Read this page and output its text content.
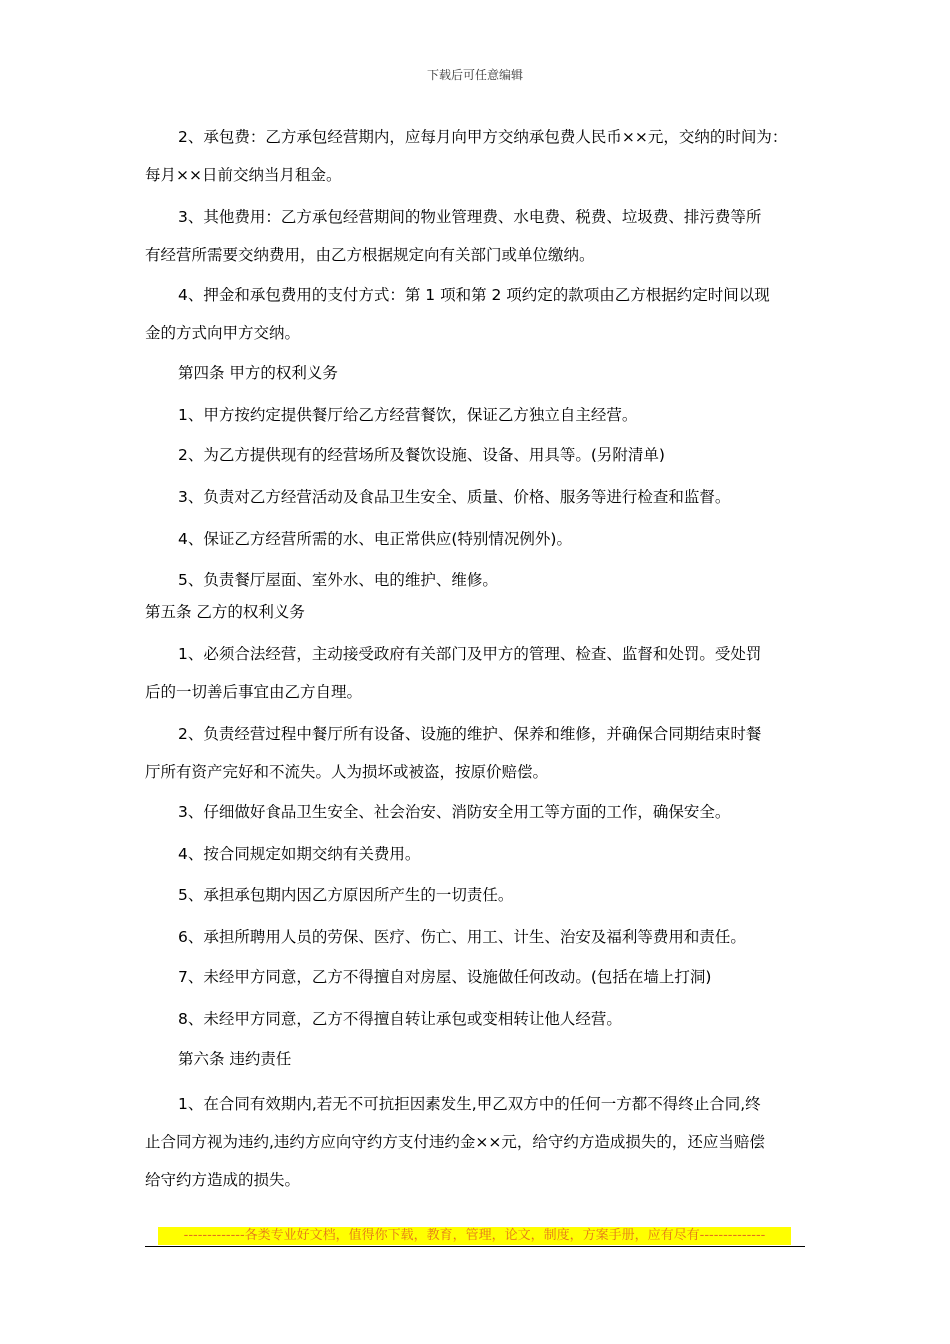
下载后可任意编辑
2、承包费：乙方承包经营期内，应每月向甲方交纳承包费人民币××元，交纳的时间为：
每月××日前交纳当月租金。
3、其他费用：乙方承包经营期间的物业管理费、水电费、税费、垃圾费、排污费等所
有经营所需要交纳费用，由乙方根据规定向有关部门或单位缴纳。
4、押金和承包费用的支付方式：第 1 项和第 2 项约定的款项由乙方根据约定时间以现
金的方式向甲方交纳。
第四条 甲方的权利义务
1、甲方按约定提供餐厅给乙方经营餐饮，保证乙方独立自主经营。
2、为乙方提供现有的经营场所及餐饮设施、设备、用具等。(另附清单)
3、负责对乙方经营活动及食品卫生安全、质量、价格、服务等进行检查和监督。
4、保证乙方经营所需的水、电正常供应(特别情况例外)。
5、负责餐厅屋面、室外水、电的维护、维修。
第五条 乙方的权利义务
1、必须合法经营，主动接受政府有关部门及甲方的管理、检查、监督和处罚。受处罚
后的一切善后事宜由乙方自理。
2、负责经营过程中餐厅所有设备、设施的维护、保养和维修，并确保合同期结束时餐
厅所有资产完好和不流失。人为损坏或被盗，按原价赔偿。
3、仔细做好食品卫生安全、社会治安、消防安全用工等方面的工作，确保安全。
4、按合同规定如期交纳有关费用。
5、承担承包期内因乙方原因所产生的一切责任。
6、承担所聘用人员的劳保、医疗、伤亡、用工、计生、治安及福利等费用和责任。
7、未经甲方同意，乙方不得擅自对房屋、设施做任何改动。(包括在墙上打洞)
8、未经甲方同意，乙方不得擅自转让承包或变相转让他人经营。
第六条 违约责任
1、在合同有效期内,若无不可抗拒因素发生,甲乙双方中的任何一方都不得终止合同,终
止合同方视为违约,违约方应向守约方支付违约金××元，给守约方造成损失的，还应当赔偿
给守约方造成的损失。
-------------各类专业好文档，值得你下载，教育，管理，论文，制度，方案手册，应有尽有--------------
